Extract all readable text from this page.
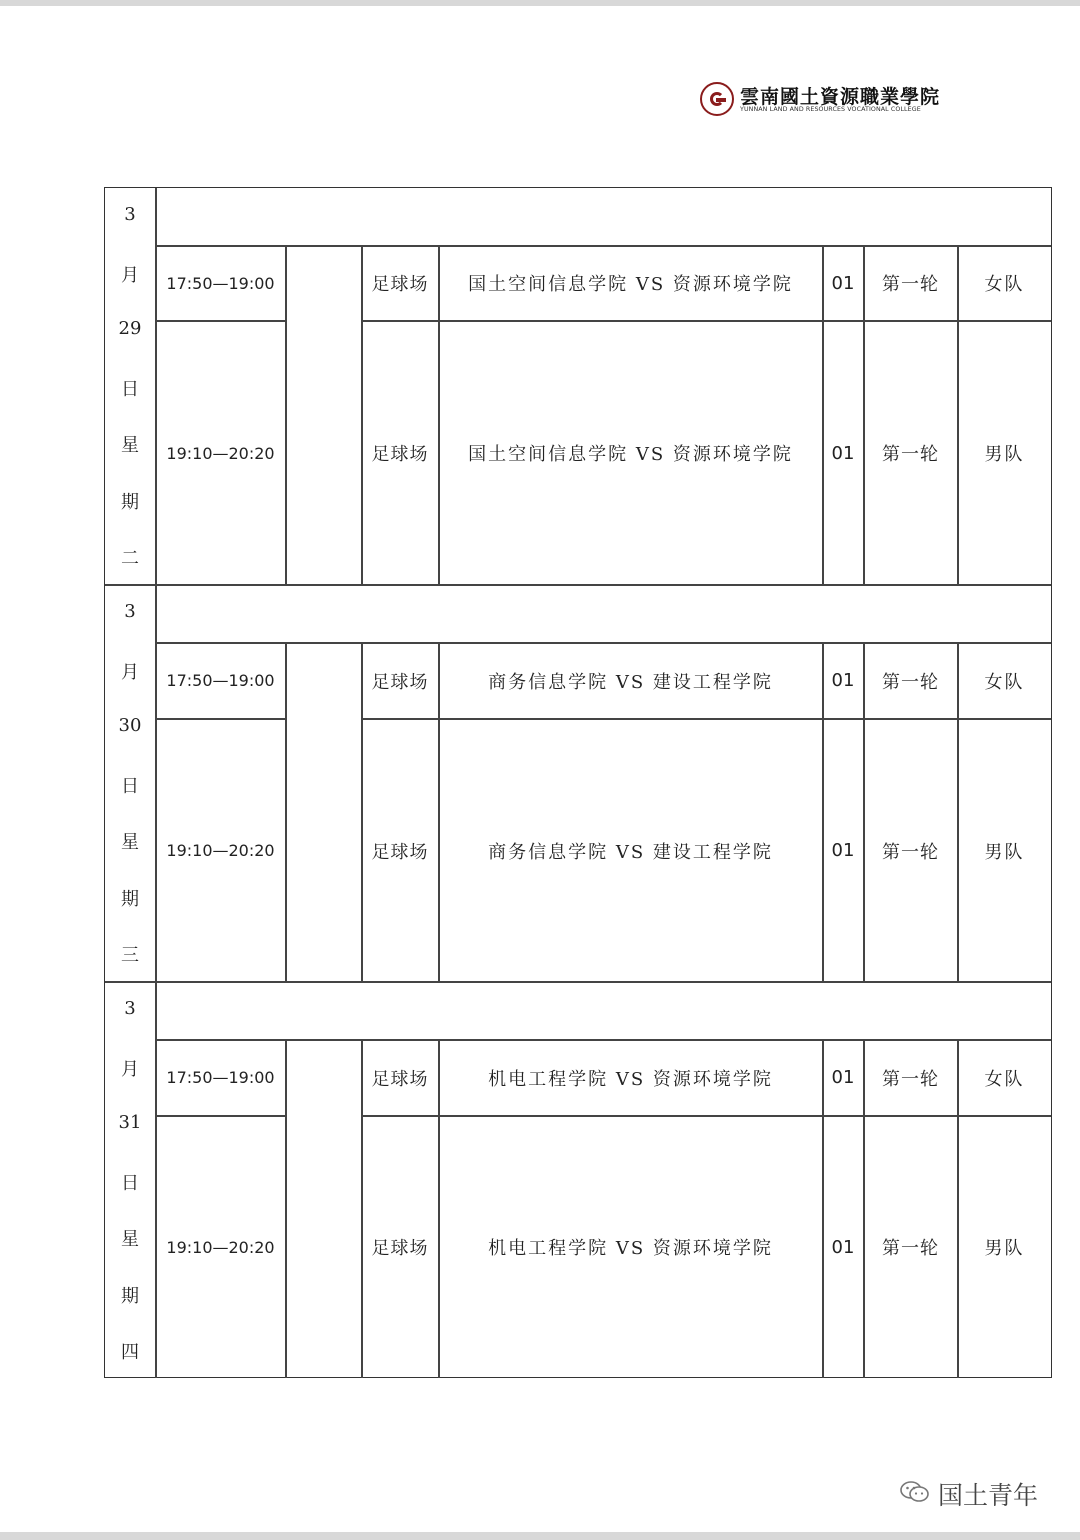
雲南國土資源職業學院
YUNNAN LAND AND RESOURCES VOCATIONAL COLLEGE
3
月
29
日
星
期
二
17:50—19:00	足球场	国土空间信息学院 VS 资源环境学院	01	第一轮	女队
19:10—20:20	足球场	国土空间信息学院 VS 资源环境学院	01	第一轮	男队
3
月
30
日
星
期
三
17:50—19:00	足球场	商务信息学院 VS 建设工程学院	01	第一轮	女队
19:10—20:20	足球场	商务信息学院 VS 建设工程学院	01	第一轮	男队
3
月
31
日
星
期
四
17:50—19:00	足球场	机电工程学院 VS 资源环境学院	01	第一轮	女队
19:10—20:20	足球场	机电工程学院 VS 资源环境学院	01	第一轮	男队
国土青年
